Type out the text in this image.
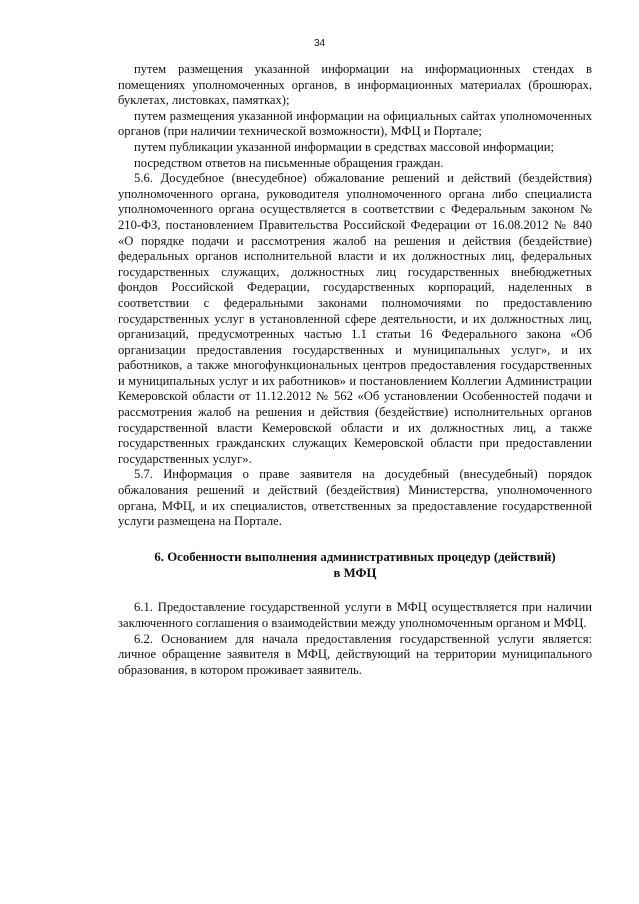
34

путем размещения указанной информации на информационных стендах в помещениях уполномоченных органов, в информационных материалах (брошюрах, буклетах, листовках, памятках);

путем размещения указанной информации на официальных сайтах уполномоченных органов (при наличии технической возможности), МФЦ и Портале;

путем публикации указанной информации в средствах массовой информации;

посредством ответов на письменные обращения граждан.

5.6. Досудебное (внесудебное) обжалование решений и действий (бездействия) уполномоченного органа, руководителя уполномоченного органа либо специалиста уполномоченного органа осуществляется в соответствии с Федеральным законом № 210-ФЗ, постановлением Правительства Российской Федерации от 16.08.2012 № 840 «О порядке подачи и рассмотрения жалоб на решения и действия (бездействие) федеральных органов исполнительной власти и их должностных лиц, федеральных государственных служащих, должностных лиц государственных внебюджетных фондов Российской Федерации, государственных корпораций, наделенных в соответствии с федеральными законами полномочиями по предоставлению государственных услуг в установленной сфере деятельности, и их должностных лиц, организаций, предусмотренных частью 1.1 статьи 16 Федерального закона «Об организации предоставления государственных и муниципальных услуг», и их работников, а также многофункциональных центров предоставления государственных и муниципальных услуг и их работников» и постановлением Коллегии Администрации Кемеровской области от 11.12.2012 № 562 «Об установлении Особенностей подачи и рассмотрения жалоб на решения и действия (бездействие) исполнительных органов государственной власти Кемеровской области и их должностных лиц, а также государственных гражданских служащих Кемеровской области при предоставлении государственных услуг».

5.7. Информация о праве заявителя на досудебный (внесудебный) порядок обжалования решений и действий (бездействия) Министерства, уполномоченного органа, МФЦ, и их специалистов, ответственных за предоставление государственной услуги размещена на Портале.

6. Особенности выполнения административных процедур (действий)
в МФЦ

6.1. Предоставление государственной услуги в МФЦ осуществляется при наличии заключенного соглашения о взаимодействии между уполномоченным органом и МФЦ.

6.2. Основанием для начала предоставления государственной услуги является: личное обращение заявителя в МФЦ, действующий на территории муниципального образования, в котором проживает заявитель.
